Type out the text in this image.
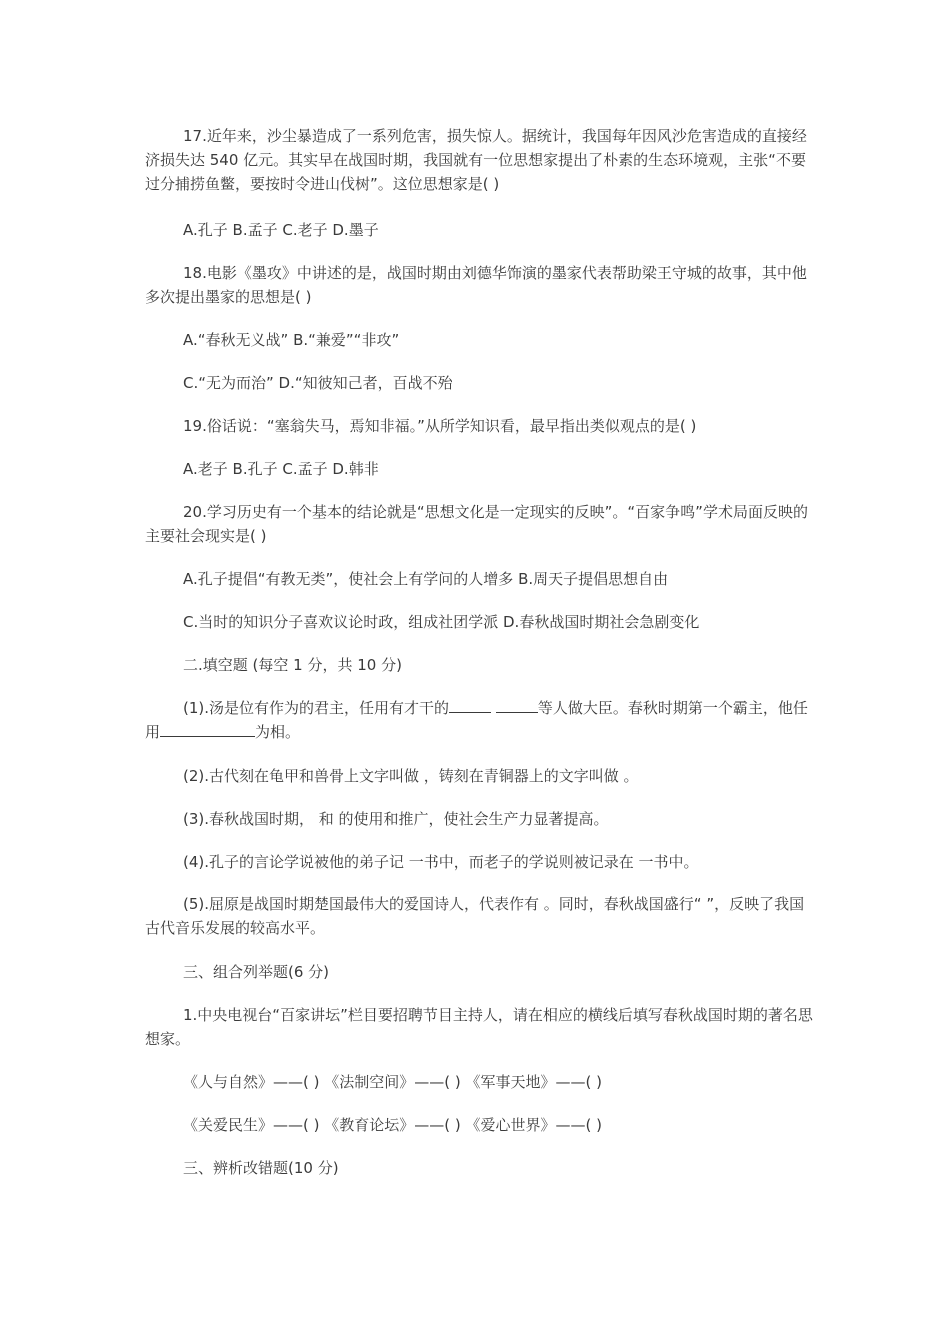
17.近年来，沙尘暴造成了一系列危害，损失惊人。据统计，我国每年因风沙危害造成的直接经济损失达 540 亿元。其实早在战国时期，我国就有一位思想家提出了朴素的生态环境观，主张“不要过分捕捞鱼鳖，要按时令进山伐树”。这位思想家是( )

A.孔子 B.孟子 C.老子 D.墨子

18.电影《墨攻》中讲述的是，战国时期由刘德华饰演的墨家代表帮助梁王守城的故事，其中他多次提出墨家的思想是( )

A.“春秋无义战” B.“兼爱”“非攻”

C.“无为而治” D.“知彼知己者，百战不殆

19.俗话说：“塞翁失马，焉知非福。”从所学知识看，最早指出类似观点的是( )

A.老子 B.孔子 C.孟子 D.韩非

20.学习历史有一个基本的结论就是“思想文化是一定现实的反映”。“百家争鸣”学术局面反映的主要社会现实是( )

A.孔子提倡“有教无类”，使社会上有学问的人增多 B.周天子提倡思想自由

C.当时的知识分子喜欢议论时政，组成社团学派 D.春秋战国时期社会急剧变化

二.填空题 (每空 1 分，共 10 分)

(1).汤是位有作为的君主，任用有才干的	等人做大臣。春秋时期第一个霸主，他任用	为相。

(2).古代刻在龟甲和兽骨上文字叫做 ，铸刻在青铜器上的文字叫做 。

(3).春秋战国时期， 和 的使用和推广，使社会生产力显著提高。

(4).孔子的言论学说被他的弟子记 一书中，而老子的学说则被记录在 一书中。

(5).屈原是战国时期楚国最伟大的爱国诗人，代表作有 。同时，春秋战国盛行“ ”，反映了我国古代音乐发展的较高水平。

三、组合列举题(6 分)

1.中央电视台“百家讲坛”栏目要招聘节目主持人，请在相应的横线后填写春秋战国时期的著名思想家。

《人与自然》——( ) 《法制空间》——( ) 《军事天地》——( )

《关爱民生》——( ) 《教育论坛》——( ) 《爱心世界》——( )

三、辨析改错题(10 分)
